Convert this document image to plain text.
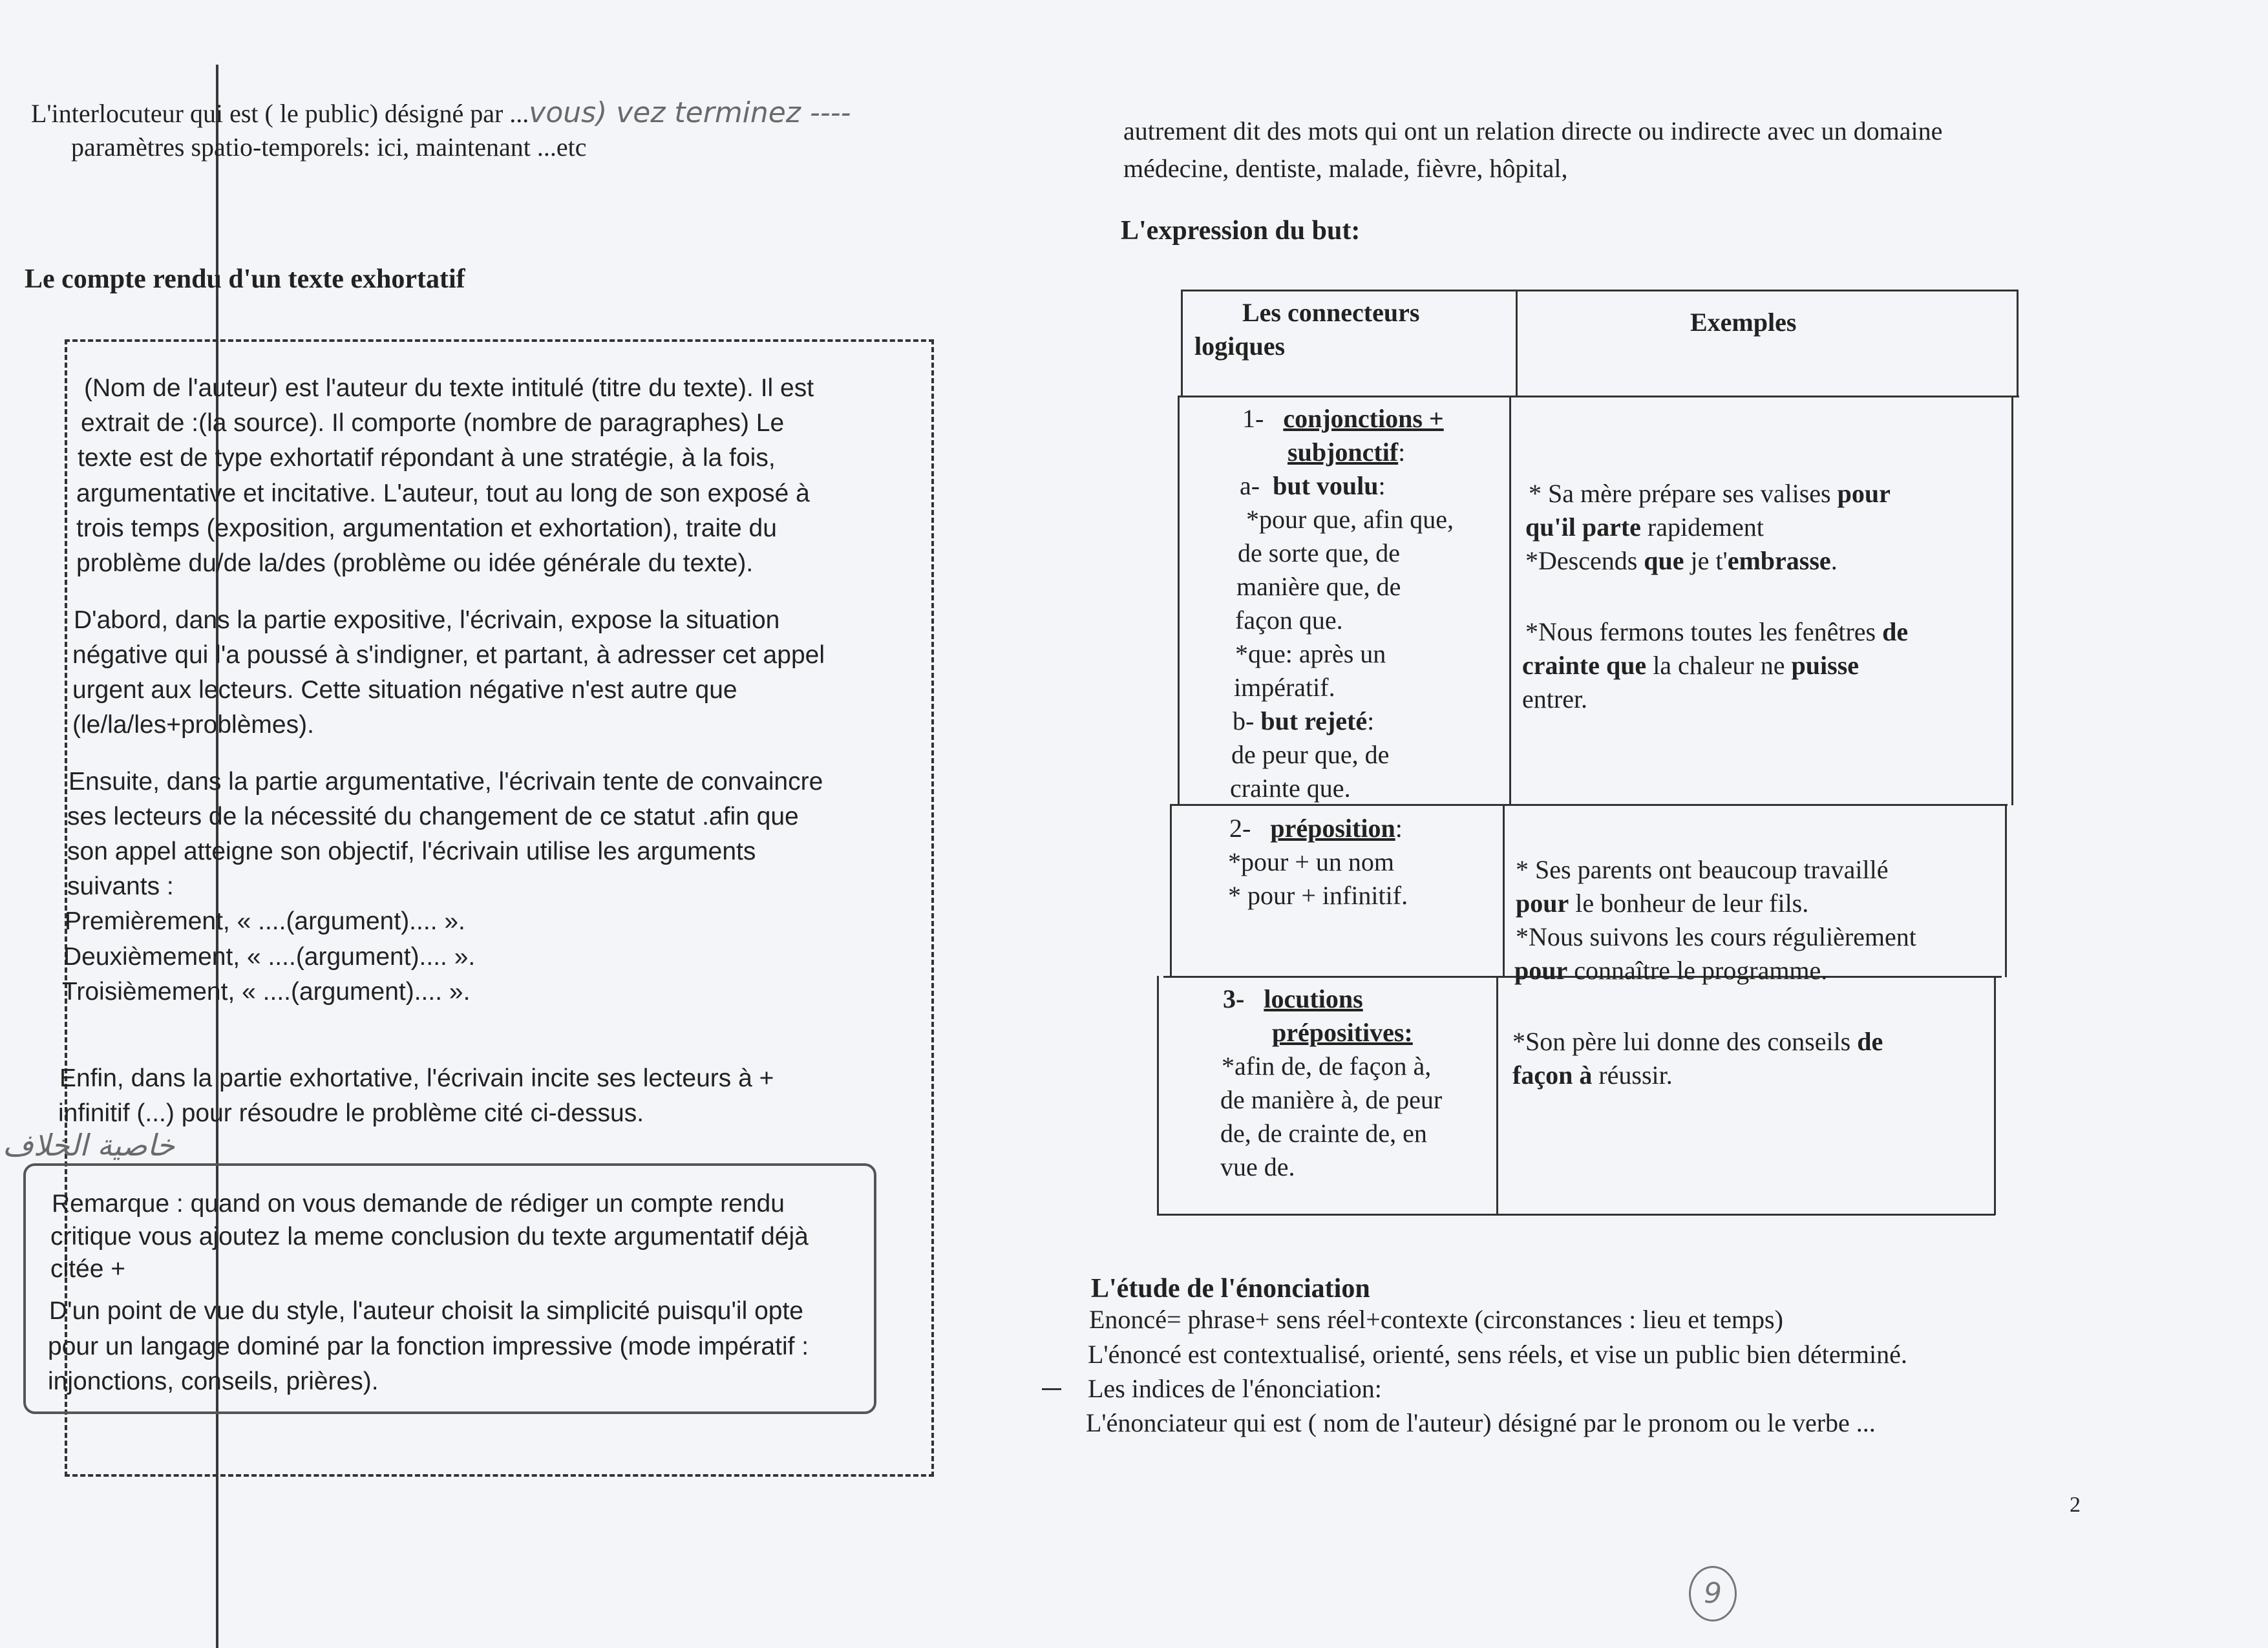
L'interlocuteur qui est ( le public) désigné par ...vous) vez terminez ----
paramètres spatio-temporels: ici, maintenant ...etc
Le compte rendu d'un texte exhortatif
(Nom de l'auteur) est l'auteur du texte intitulé (titre du texte). Il est
extrait de :(la source). Il comporte (nombre de paragraphes) Le
texte est de type exhortatif répondant à une stratégie, à la fois,
argumentative et incitative. L'auteur, tout au long de son exposé à
trois temps (exposition, argumentation et exhortation), traite du
problème du/de la/des (problème ou idée générale du texte).
D'abord, dans la partie expositive, l'écrivain, expose la situation
négative qui l'a poussé à s'indigner, et partant, à adresser cet appel
urgent aux lecteurs. Cette situation négative n'est autre que
(le/la/les+problèmes).
Ensuite, dans la partie argumentative, l'écrivain tente de convaincre
ses lecteurs de la nécessité du changement de ce statut .afin que
son appel atteigne son objectif, l'écrivain utilise les arguments
suivants :
Premièrement, « ....(argument).... ».
Deuxièmement, « ....(argument).... ».
Troisièmement, « ....(argument).... ».
Enfin, dans la partie exhortative, l'écrivain incite ses lecteurs à +
infinitif (...) pour résoudre le problème cité ci-dessus.
خاصية الخلاف
Remarque : quand on vous demande de rédiger un compte rendu
critique vous ajoutez la meme conclusion du texte argumentatif déjà
citée +
D'un point de vue du style, l'auteur choisit la simplicité puisqu'il opte
pour un langage dominé par la fonction impressive (mode impératif :
injonctions, conseils, prières).
autrement dit des mots qui ont un relation directe ou indirecte avec un domaine
médecine, dentiste, malade, fièvre, hôpital,
L'expression du but:
Les connecteurs
logiques
Exemples
1- conjonctions +
subjonctif:
a- but voulu:
*pour que, afin que,
de sorte que, de
manière que, de
façon que.
*que: après un
impératif.
b- but rejeté:
de peur que, de
crainte que.
* Sa mère prépare ses valises pour
qu'il parte rapidement
*Descends que je t'embrasse.
*Nous fermons toutes les fenêtres de
crainte que la chaleur ne puisse
entrer.
2- préposition:
*pour + un nom
* pour + infinitif.
* Ses parents ont beaucoup travaillé
pour le bonheur de leur fils.
*Nous suivons les cours régulièrement
pour connaître le programme.
3- locutions
prépositives:
*afin de, de façon à,
de manière à, de peur
de, de crainte de, en
vue de.
*Son père lui donne des conseils de
façon à réussir.
L'étude de l'énonciation
Enoncé= phrase+ sens réel+contexte (circonstances : lieu et temps)
L'énoncé est contextualisé, orienté, sens réels, et vise un public bien déterminé.
Les indices de l'énonciation:
L'énonciateur qui est ( nom de l'auteur) désigné par le pronom ou le verbe ...
2
9
